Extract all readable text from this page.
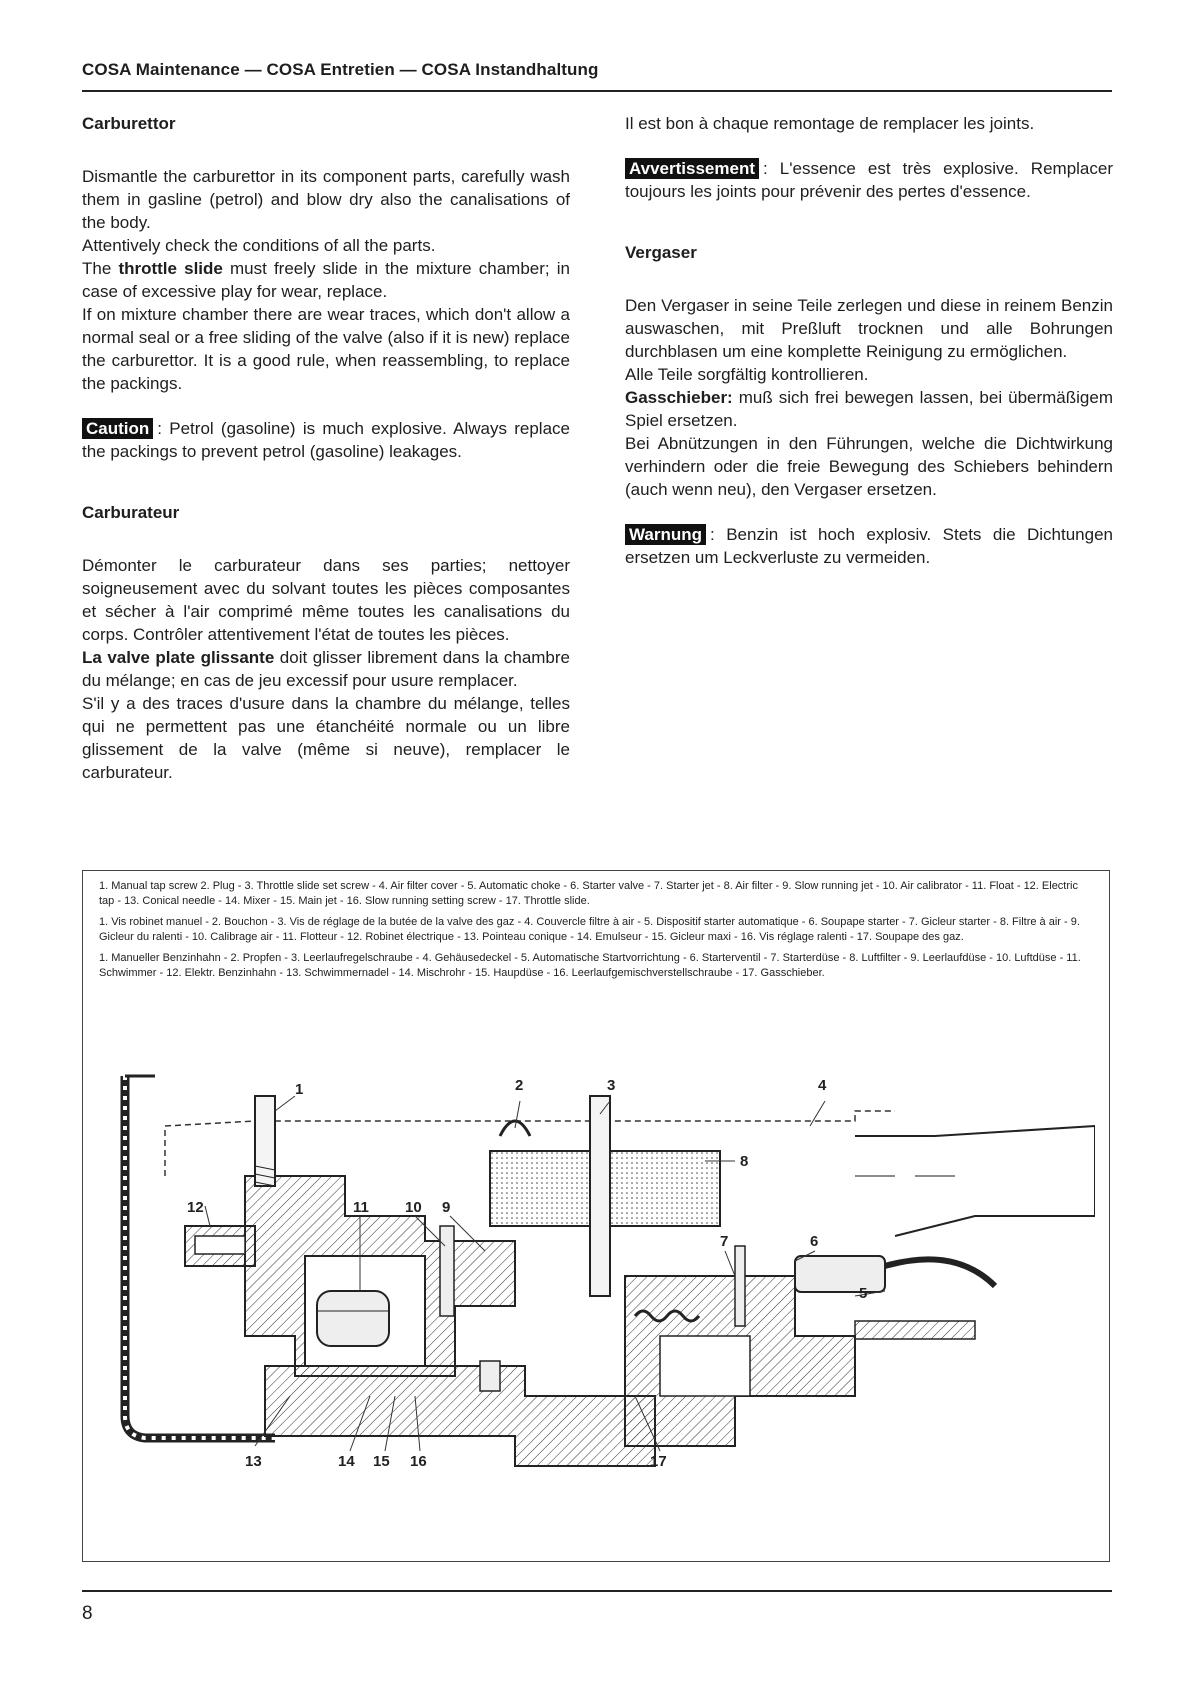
COSA Maintenance — COSA Entretien — COSA Instandhaltung

Carburettor

Dismantle the carburettor in its component parts, carefully wash them in gasline (petrol) and blow dry also the canalisations of the body.

Attentively check the conditions of all the parts.

The throttle slide must freely slide in the mixture chamber; in case of excessive play for wear, replace.

If on mixture chamber there are wear traces, which don't allow a normal seal or a free sliding of the valve (also if it is new) replace the carburettor. It is a good rule, when reassembling, to replace the packings.

Caution : Petrol (gasoline) is much explosive. Always replace the packings to prevent petrol (gasoline) leakages.

Carburateur

Démonter le carburateur dans ses parties; nettoyer soigneusement avec du solvant toutes les pièces composantes et sécher à l'air comprimé même toutes les canalisations du corps. Contrôler attentivement l'état de toutes les pièces.

La valve plate glissante doit glisser librement dans la chambre du mélange; en cas de jeu excessif pour usure remplacer.

S'il y a des traces d'usure dans la chambre du mélange, telles qui ne permettent pas une étanchéité normale ou un libre glissement de la valve (même si neuve), remplacer le carburateur.

Il est bon à chaque remontage de remplacer les joints.

Avvertissement : L'essence est très explosive. Remplacer toujours les joints pour prévenir des pertes d'essence.

Vergaser

Den Vergaser in seine Teile zerlegen und diese in reinem Benzin auswaschen, mit Preßluft trocknen und alle Bohrungen durchblasen um eine komplette Reinigung zu ermöglichen.

Alle Teile sorgfältig kontrollieren.

Gasschieber: muß sich frei bewegen lassen, bei übermäßigem Spiel ersetzen.

Bei Abnützungen in den Führungen, welche die Dichtwirkung verhindern oder die freie Bewegung des Schiebers behindern (auch wenn neu), den Vergaser ersetzen.

Warnung : Benzin ist hoch explosiv. Stets die Dichtungen ersetzen um Leckverluste zu vermeiden.

1. Manual tap screw 2. Plug - 3. Throttle slide set screw - 4. Air filter cover - 5. Automatic choke - 6. Starter valve - 7. Starter jet - 8. Air filter - 9. Slow running jet - 10. Air calibrator - 11. Float - 12. Electric tap - 13. Conical needle - 14. Mixer - 15. Main jet - 16. Slow running setting screw - 17. Throttle slide.

1. Vis robinet manuel - 2. Bouchon - 3. Vis de réglage de la butée de la valve des gaz - 4. Couvercle filtre à air - 5. Dispositif starter automatique - 6. Soupape starter - 7. Gicleur starter - 8. Filtre à air - 9. Gicleur du ralenti - 10. Calibrage air - 11. Flotteur - 12. Robinet électrique - 13. Pointeau conique - 14. Emulseur - 15. Gicleur maxi - 16. Vis réglage ralenti - 17. Soupape des gaz.

1. Manueller Benzinhahn - 2. Propfen - 3. Leerlaufregelschraube - 4. Gehäusedeckel - 5. Automatische Startvorrichtung - 6. Starterventil - 7. Starterdüse - 8. Luftfilter - 9. Leerlaufdüse - 10. Luftdüse - 11. Schwimmer - 12. Elektr. Benzinhahn - 13. Schwimmernadel - 14. Mischrohr - 15. Haupdüse - 16. Leerlaufgemischverstellschraube - 17. Gasschieber.

1	2	3	4
5
6
7
8
9
10
11
12
13	14 15 16	17
8
